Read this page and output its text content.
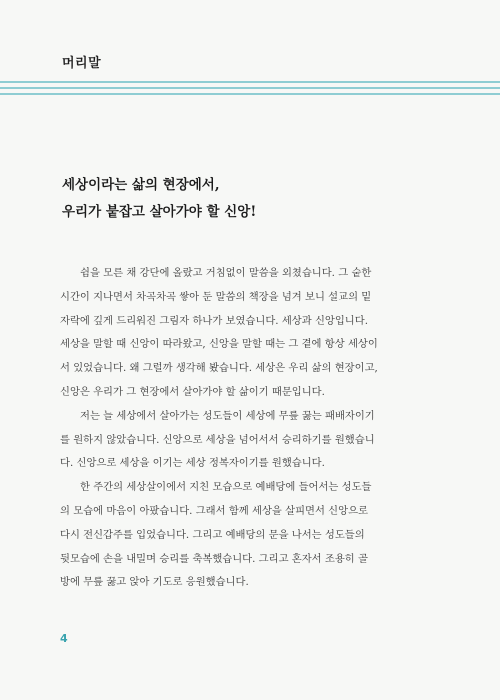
머리말
세상이라는 삶의 현장에서,
우리가 붙잡고 살아가야 할 신앙!
쉼을 모른 채 강단에 올랐고 거침없이 말씀을 외쳤습니다. 그 숱한
시간이 지나면서 차곡차곡 쌓아 둔 말씀의 책장을 넘겨 보니 설교의 밑
자락에 깊게 드리워진 그림자 하나가 보였습니다. 세상과 신앙입니다.
세상을 말할 때 신앙이 따라왔고, 신앙을 말할 때는 그 곁에 항상 세상이
서 있었습니다. 왜 그럴까 생각해 봤습니다. 세상은 우리 삶의 현장이고,
신앙은 우리가 그 현장에서 살아가야 할 삶이기 때문입니다.
저는 늘 세상에서 살아가는 성도들이 세상에 무릎 꿇는 패배자이기
를 원하지 않았습니다. 신앙으로 세상을 넘어서서 승리하기를 원했습니
다. 신앙으로 세상을 이기는 세상 정복자이기를 원했습니다.
한 주간의 세상살이에서 지친 모습으로 예배당에 들어서는 성도들
의 모습에 마음이 아팠습니다. 그래서 함께 세상을 살피면서 신앙으로
다시 전신갑주를 입었습니다. 그리고 예배당의 문을 나서는 성도들의
뒷모습에 손을 내밀며 승리를 축복했습니다. 그리고 혼자서 조용히 골
방에 무릎 꿇고 앉아 기도로 응원했습니다.
4
